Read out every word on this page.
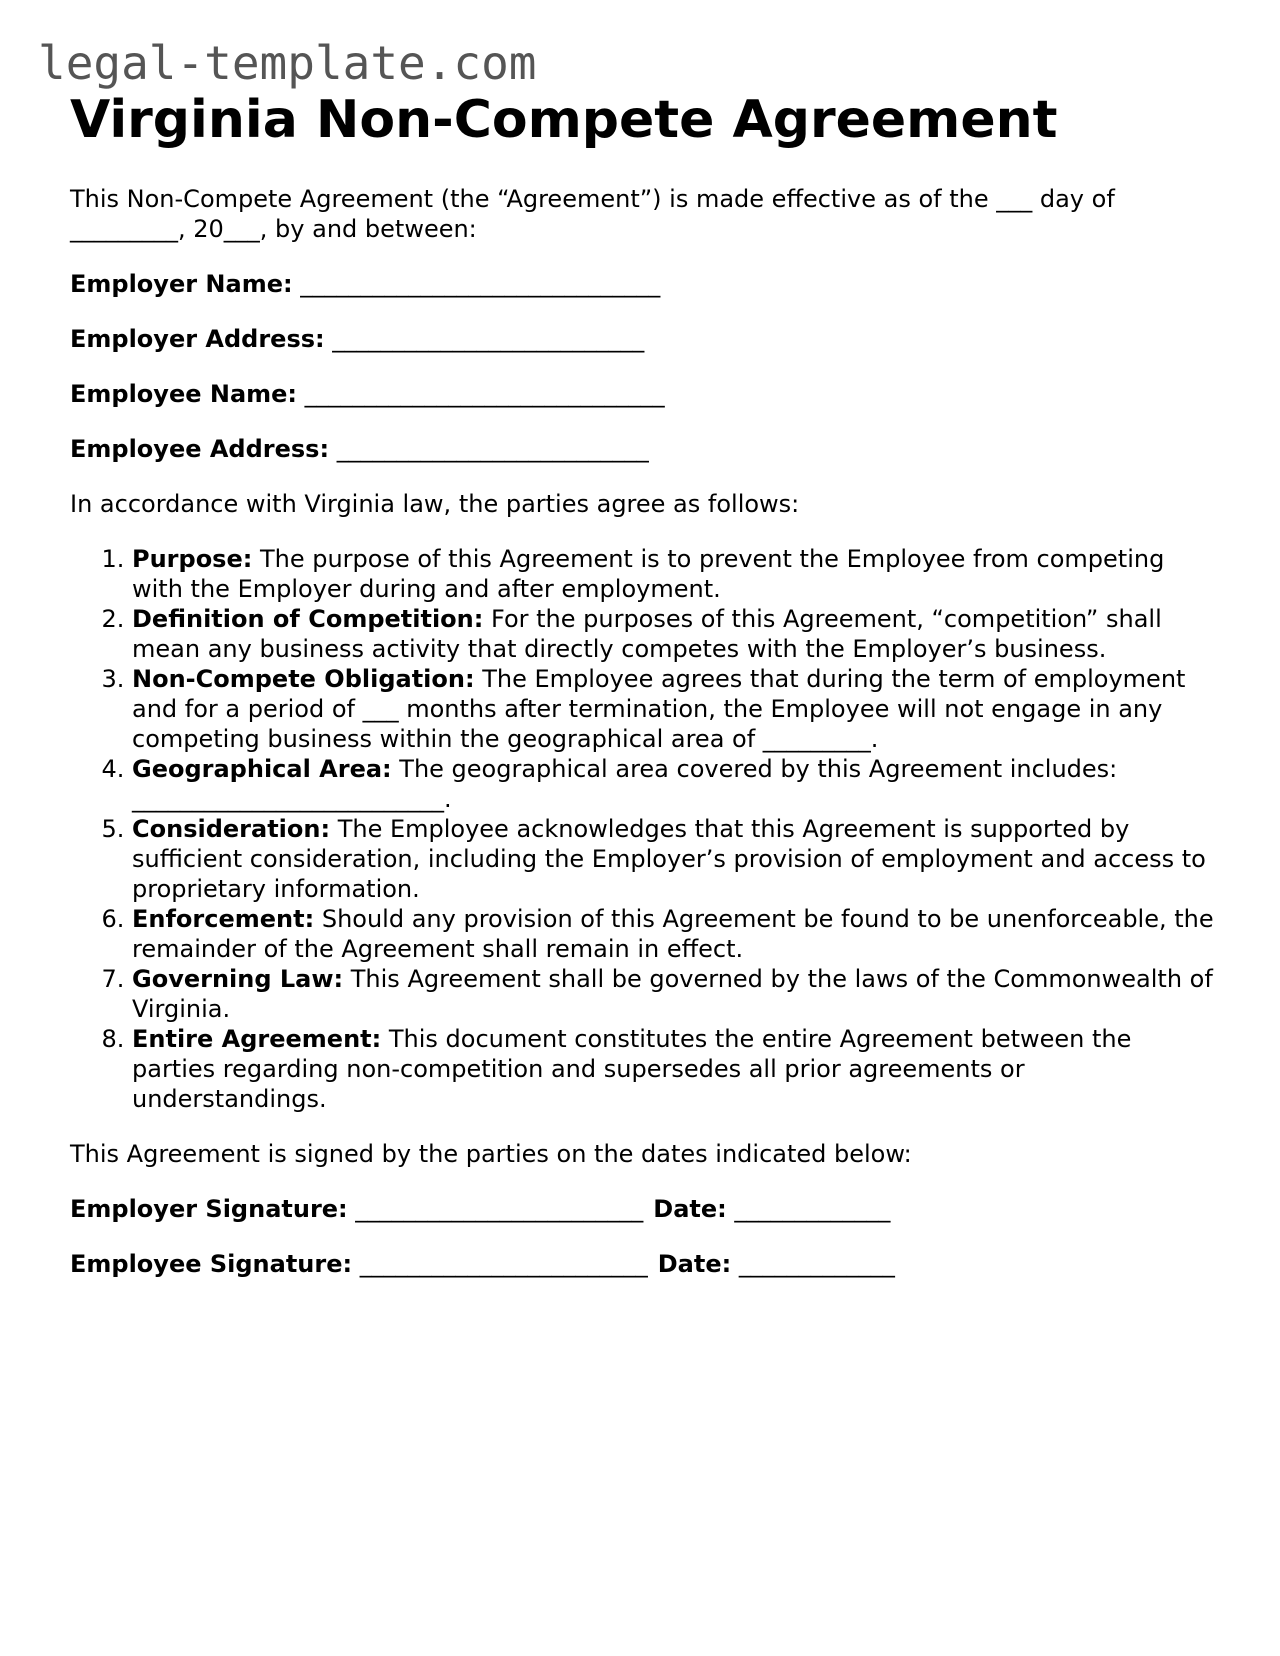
legal-template.com
Virginia Non-Compete Agreement

This Non-Compete Agreement (the “Agreement”) is made effective as of the ___ day of
_________, 20___, by and between:

Employer Name: ______________________________

Employer Address: __________________________

Employee Name: ______________________________

Employee Address: __________________________

In accordance with Virginia law, the parties agree as follows:

1. Purpose: The purpose of this Agreement is to prevent the Employee from competing with the Employer during and after employment.
2. Definition of Competition: For the purposes of this Agreement, “competition” shall mean any business activity that directly competes with the Employer’s business.
3. Non-Compete Obligation: The Employee agrees that during the term of employment and for a period of ___ months after termination, the Employee will not engage in any competing business within the geographical area of _________.
4. Geographical Area: The geographical area covered by this Agreement includes: __________________________.
5. Consideration: The Employee acknowledges that this Agreement is supported by sufficient consideration, including the Employer’s provision of employment and access to proprietary information.
6. Enforcement: Should any provision of this Agreement be found to be unenforceable, the remainder of the Agreement shall remain in effect.
7. Governing Law: This Agreement shall be governed by the laws of the Commonwealth of Virginia.
8. Entire Agreement: This document constitutes the entire Agreement between the parties regarding non-competition and supersedes all prior agreements or understandings.

This Agreement is signed by the parties on the dates indicated below:

Employer Signature: ________________________ Date: _____________

Employee Signature: ________________________ Date: _____________
